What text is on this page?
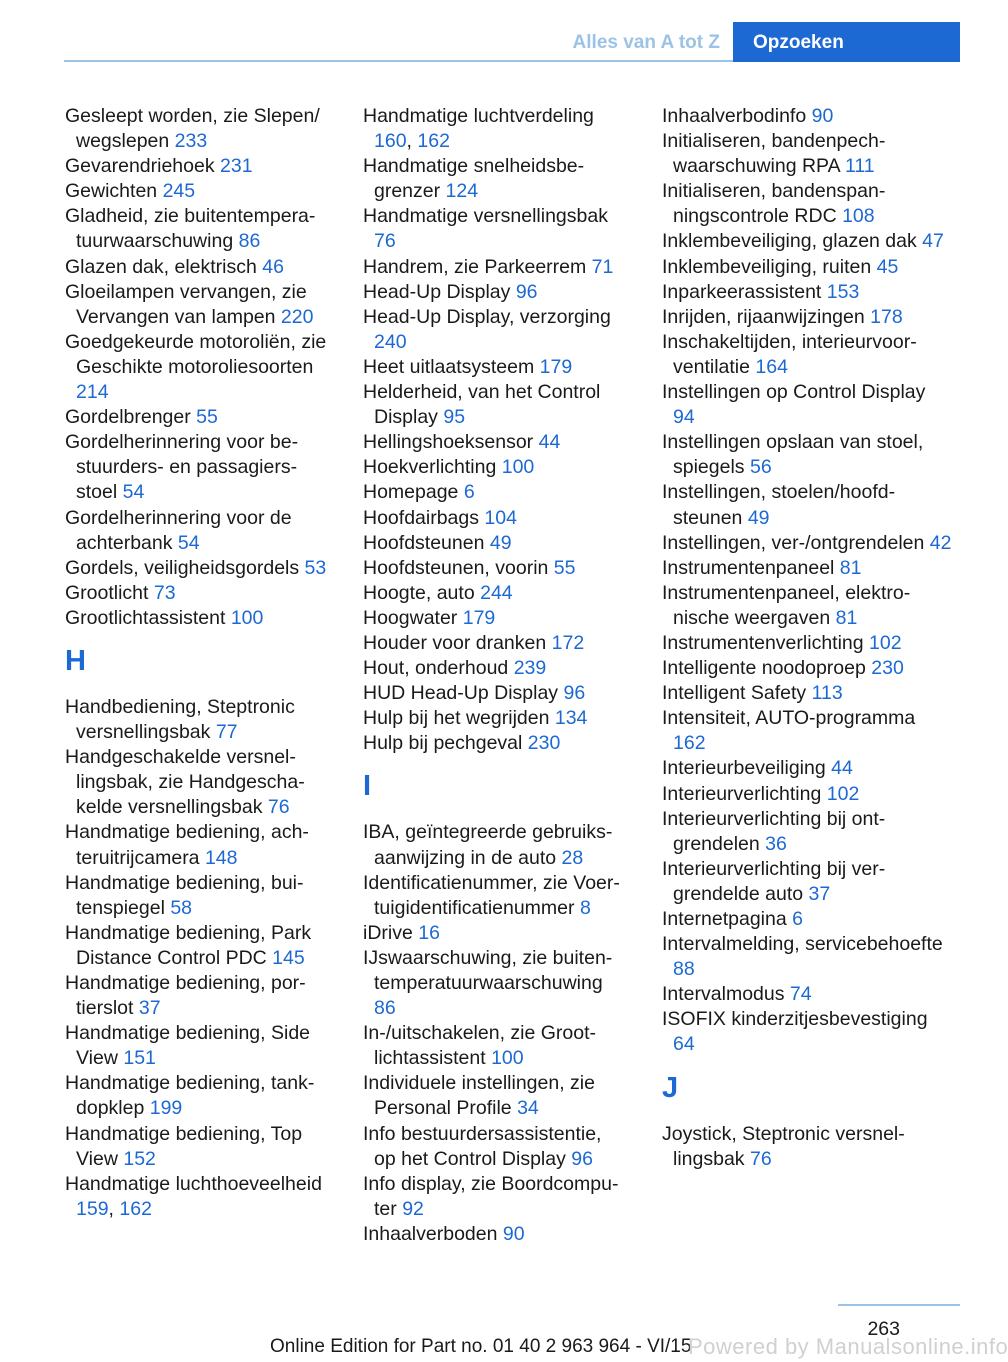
Alles van A tot Z	Opzoeken
Gesleept worden, zie Slepen/ wegslepen 233
Gevarendriehoek 231
Gewichten 245
Gladheid, zie buitentemperatuurwaarschuwing 86
Glazen dak, elektrisch 46
Gloeilampen vervangen, zie Vervangen van lampen 220
Goedgekeurde motoroliën, zie Geschikte motoroliesoorten 214
Gordelbrenger 55
Gordelherinnering voor bestuurders- en passagiersstoel 54
Gordelherinnering voor de achterbank 54
Gordels, veiligheidsgordels 53
Grootlicht 73
Grootlichtassistent 100
H
Handbediening, Steptronic versnellingsbak 77
Handgeschakelde versnellingsbak, zie Handgeschakelde versnellingsbak 76
Handmatige bediening, achteruitrijcamera 148
Handmatige bediening, buitenspiegel 58
Handmatige bediening, Park Distance Control PDC 145
Handmatige bediening, portierslot 37
Handmatige bediening, Side View 151
Handmatige bediening, tankdopklep 199
Handmatige bediening, Top View 152
Handmatige luchthoeveelheid 159, 162
Handmatige luchtverdeling 160, 162
Handmatige snelheidsbegrenzer 124
Handmatige versnellingsbak 76
Handrem, zie Parkeerrem 71
Head-Up Display 96
Head-Up Display, verzorging 240
Heet uitlaatsysteem 179
Helderheid, van het Control Display 95
Hellingshoeksensor 44
Hoekverlichting 100
Homepage 6
Hoofdairbags 104
Hoofdsteunen 49
Hoofdsteunen, voorin 55
Hoogte, auto 244
Hoogwater 179
Houder voor dranken 172
Hout, onderhoud 239
HUD Head-Up Display 96
Hulp bij het wegrijden 134
Hulp bij pechgeval 230
I
IBA, geïntegreerde gebruiksaanwijzing in de auto 28
Identificatienummer, zie Voertuigidentificatienummer 8
iDrive 16
IJswaarschuwing, zie buitentemperatuurwaarschuwing 86
In-/uitschakelen, zie Grootlichtassistent 100
Individuele instellingen, zie Personal Profile 34
Info bestuurdersassistentie, op het Control Display 96
Info display, zie Boordcomputer 92
Inhaalverboden 90
Inhaalverbodinfo 90
Initialiseren, bandenpechwaarschuwing RPA 111
Initialiseren, bandenspanningscontrole RDC 108
Inklembeveiliging, glazen dak 47
Inklembeveiliging, ruiten 45
Inparkeerassistent 153
Inrijden, rijaanwijzingen 178
Inschakeltijden, interieurvoorventilatie 164
Instellingen op Control Display 94
Instellingen opslaan van stoel, spiegels 56
Instellingen, stoelen/hoofdsteunen 49
Instellingen, ver-/ontgrendelen 42
Instrumentenpaneel 81
Instrumentenpaneel, elektronische weergaven 81
Instrumentenverlichting 102
Intelligente noodoproep 230
Intelligent Safety 113
Intensiteit, AUTO-programma 162
Interieurbeveiliging 44
Interieurverlichting 102
Interieurverlichting bij ontgrendelen 36
Interieurverlichting bij vergrendelde auto 37
Internetpagina 6
Intervalmelding, servicebehoefte 88
Intervalmodus 74
ISOFIX kinderzitjesbevestiging 64
J
Joystick, Steptronic versnellingsbak 76
263
Online Edition for Part no. 01 40 2 963 964 - VI/15
Powered by Manualsonline.info
